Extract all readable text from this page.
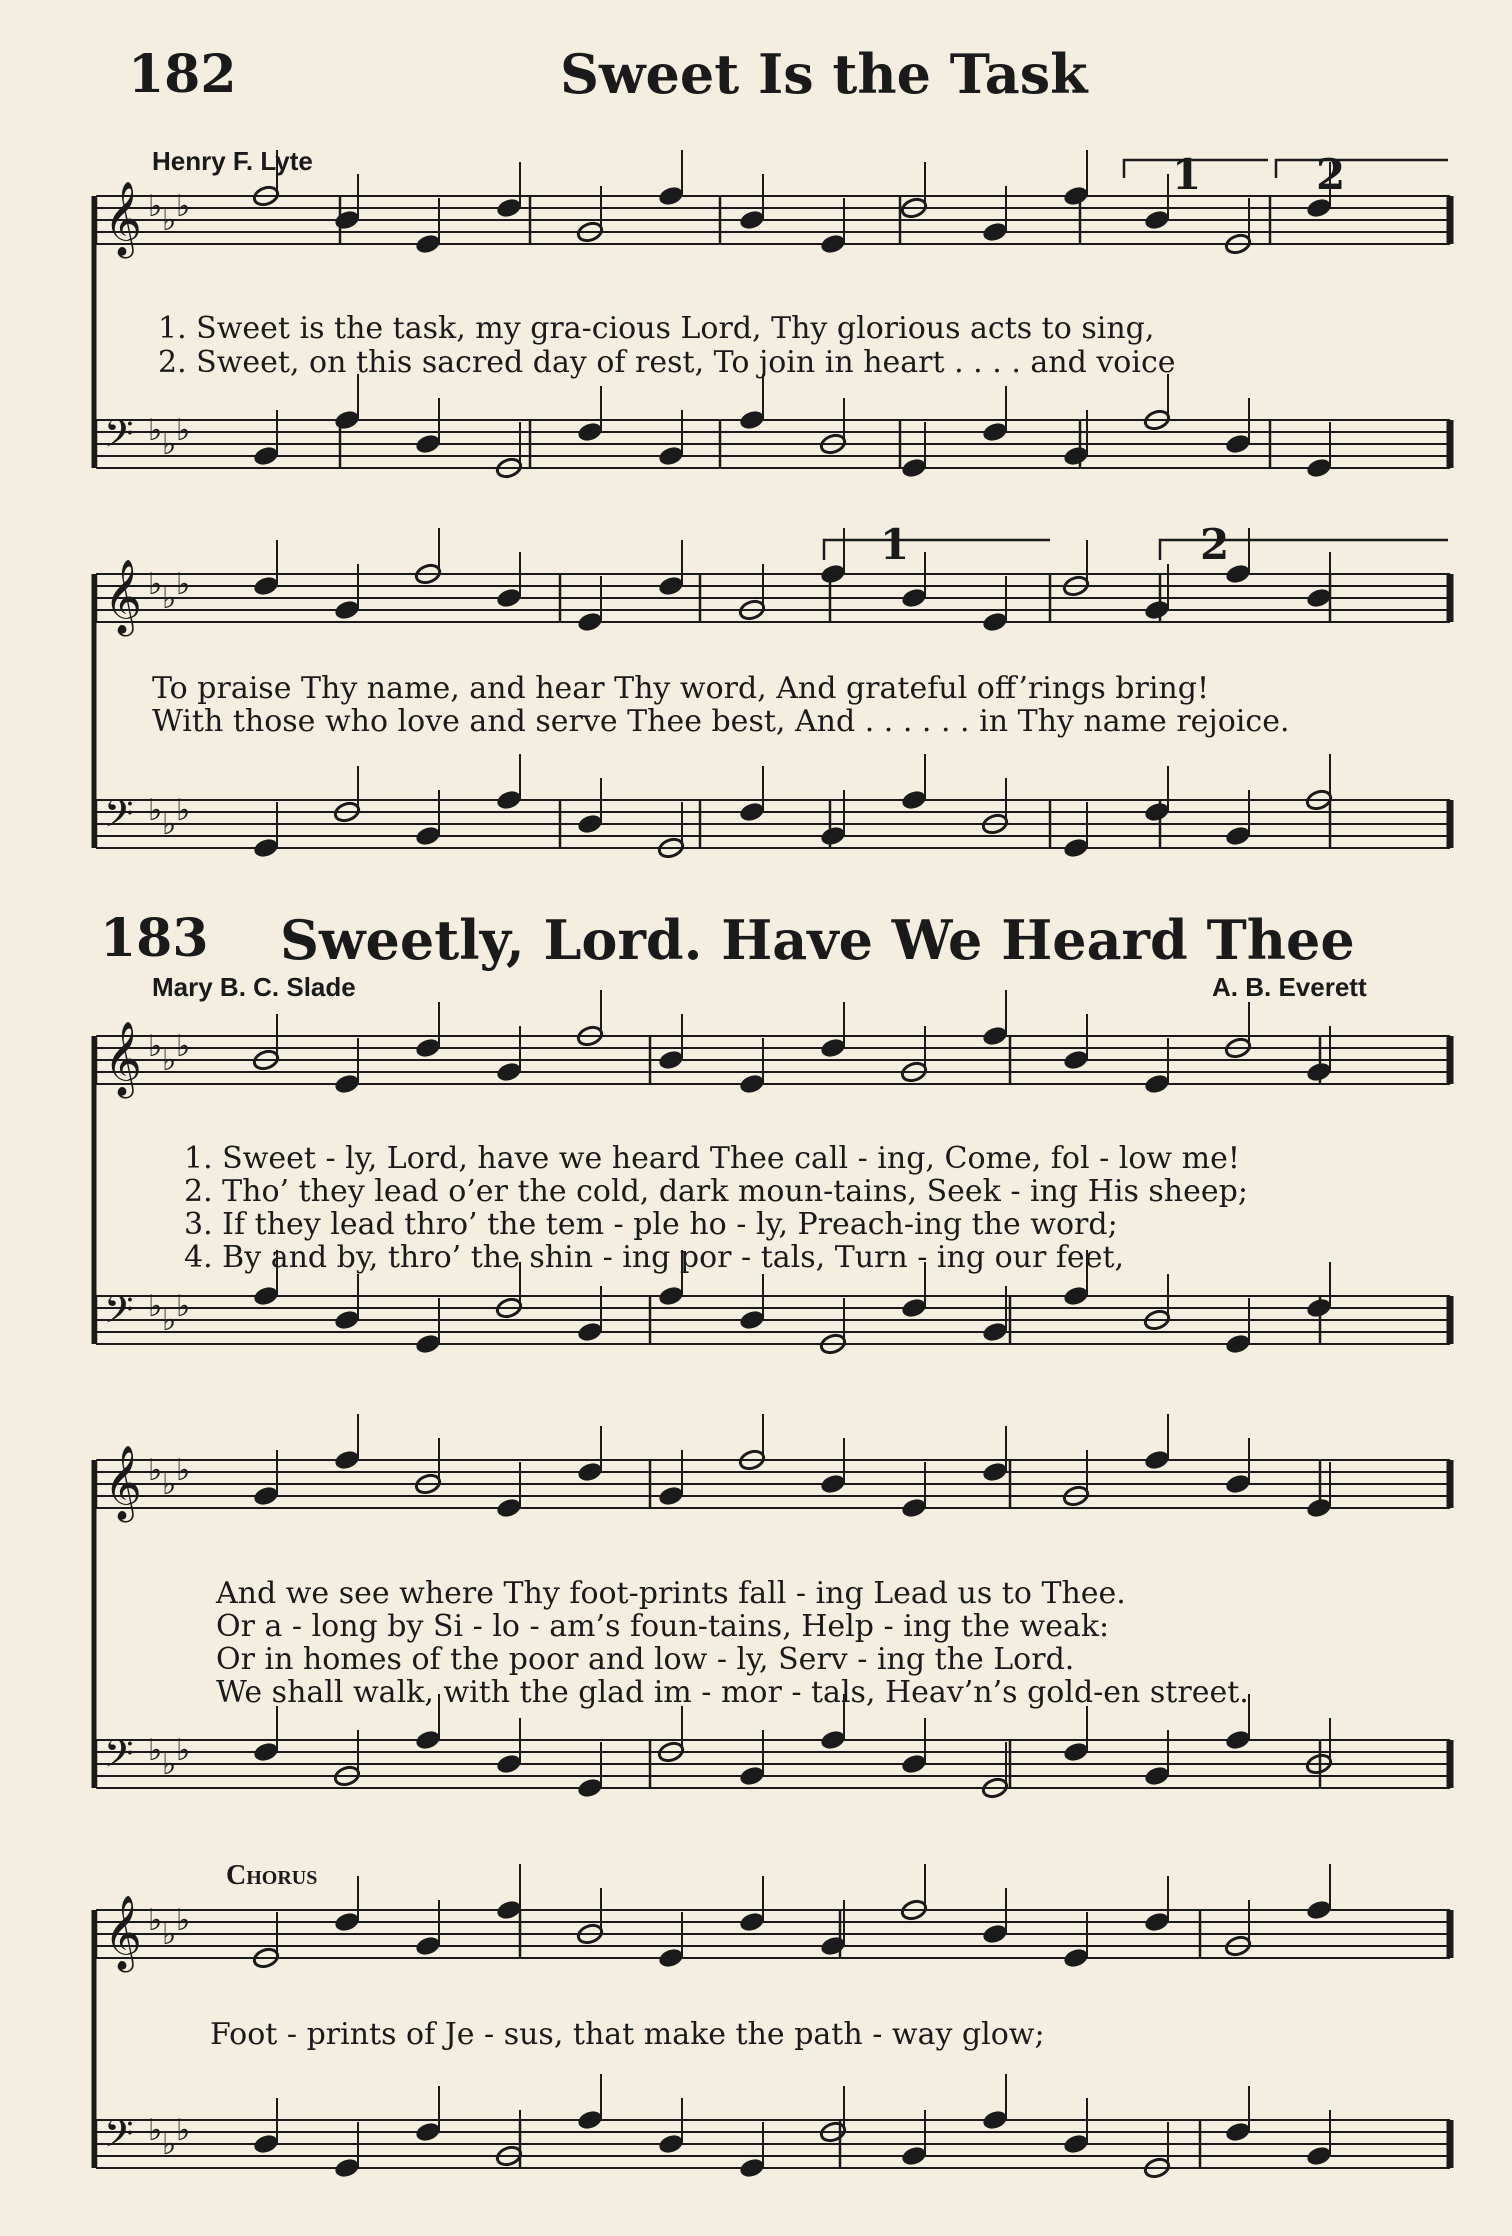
182	Sweet Is the Task
Henry F. Lyte	1	2
1. Sweet is the task, my gra-cious Lord, Thy glorious acts to sing,
2. Sweet, on this sacred day of rest, To join in heart . . . . and voice
1	2
To praise Thy name, and hear Thy word, And grateful off’rings bring!
With those who love and serve Thee best, And . . . . . . in Thy name rejoice.
183 Sweetly, Lord. Have We Heard Thee
Mary B. C. Slade	A. B. Everett
1. Sweet - ly, Lord, have we heard Thee call - ing, Come, fol - low me!
2. Tho’ they lead o’er the cold, dark moun-tains, Seek - ing His sheep;
3. If they lead thro’ the tem - ple ho - ly, Preach-ing the word;
4. By and by, thro’ the shin - ing por - tals, Turn - ing our feet,
And we see where Thy foot-prints fall - ing Lead us to Thee.
Or a - long by Si - lo - am’s foun-tains, Help - ing the weak:
Or in homes of the poor and low - ly, Serv - ing the Lord.
We shall walk, with the glad im - mor - tals, Heav’n’s gold-en street.
Chorus
Foot - prints of Je - sus, that make the path - way glow;
𝄞 ♭ ♭ ♭
𝄢 ♭ ♭ ♭
𝄞 ♭ ♭ ♭
𝄢 ♭ ♭ ♭
𝄞 ♭ ♭ ♭
𝄢 ♭ ♭ ♭
𝄞 ♭ ♭ ♭
𝄢 ♭ ♭ ♭
𝄞 ♭ ♭ ♭
𝄢 ♭ ♭ ♭
